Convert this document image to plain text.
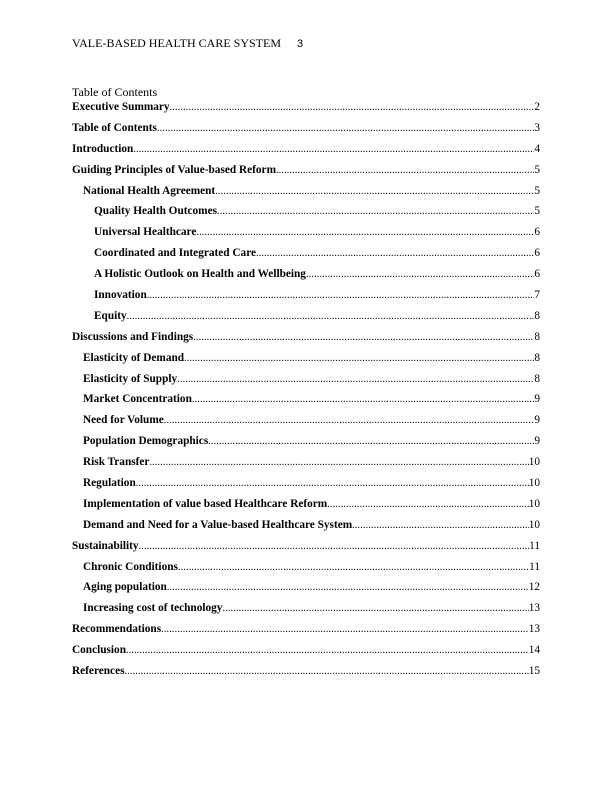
VALE-BASED HEALTH CARE SYSTEM 3
Table of Contents
Executive Summary .....	2
Table of Contents .....	3
Introduction .....	4
Guiding Principles of Value-based Reform .....	5
National Health Agreement .....	5
Quality Health Outcomes .....	5
Universal Healthcare .....	6
Coordinated and Integrated Care .....	6
A Holistic Outlook on Health and Wellbeing .....	6
Innovation .....	7
Equity .....	8
Discussions and Findings .....	8
Elasticity of Demand .....	8
Elasticity of Supply .....	8
Market Concentration .....	9
Need for Volume .....	9
Population Demographics .....	9
Risk Transfer .....	10
Regulation .....	10
Implementation of value based Healthcare Reform .....	10
Demand and Need for a Value-based Healthcare System .....	10
Sustainability .....	11
Chronic Conditions .....	11
Aging population .....	12
Increasing cost of technology .....	13
Recommendations .....	13
Conclusion .....	14
References .....	15
